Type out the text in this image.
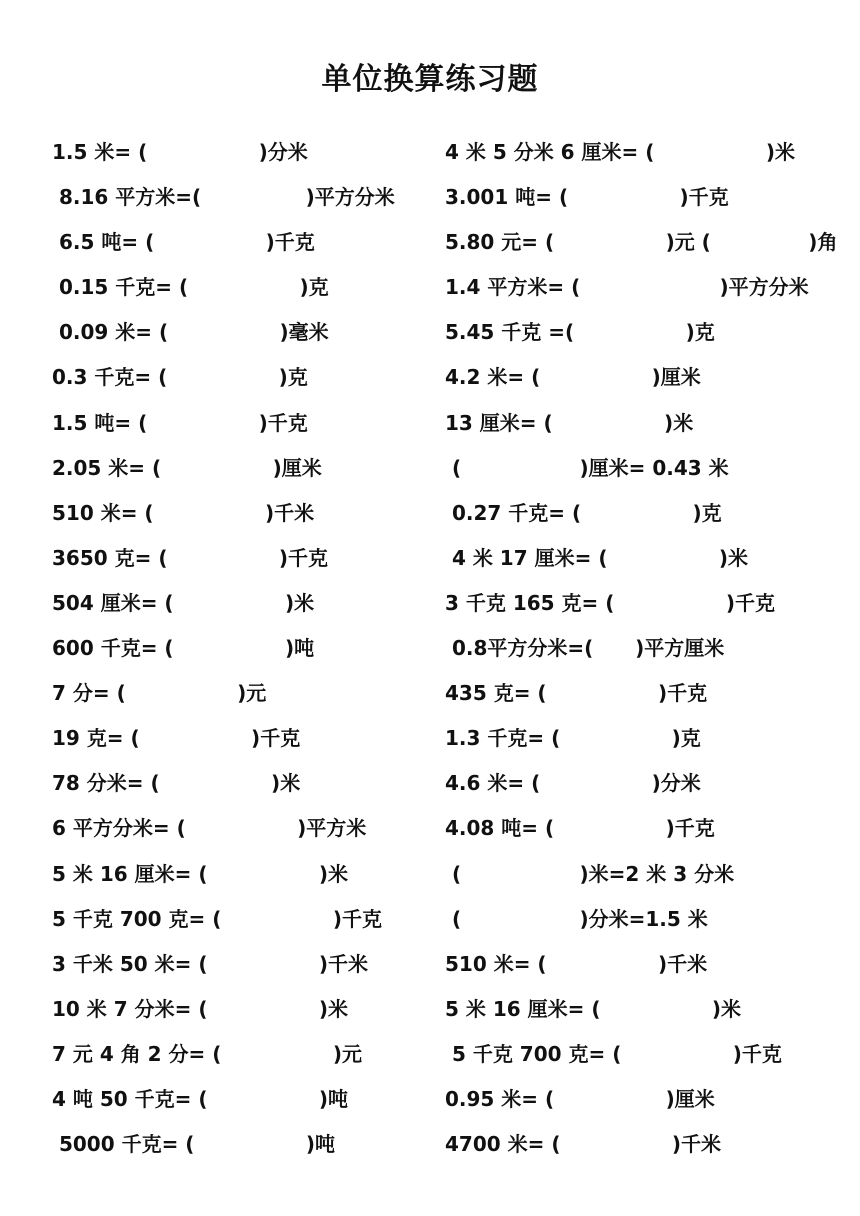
单位换算练习题
1.5 米= (                )分米	4 米 5 分米 6 厘米= (                )米
8.16 平方米=(               )平方分米	3.001 吨= (                )千克
6.5 吨= (                )千克	5.80 元= (                )元 (              )角
0.15 千克= (                )克	1.4 平方米= (                    )平方分米
0.09 米= (                )毫米	5.45 千克 =(                )克
0.3 千克= (                )克	4.2 米= (                )厘米
1.5 吨= (                )千克	13 厘米= (                )米
2.05 米= (                )厘米	(                 )厘米= 0.43 米
510 米= (                )千米	0.27 千克= (                )克
3650 克= (                )千克	4 米 17 厘米= (                )米
504 厘米= (                )米	3 千克 165 克= (                )千克
600 千克= (                )吨	0.8平方分米=(      )平方厘米
7 分= (                )元	435 克= (                )千克
19 克= (                )千克	1.3 千克= (                )克
78 分米= (                )米	4.6 米= (                )分米
6 平方分米= (                )平方米	4.08 吨= (                )千克
5 米 16 厘米= (                )米	(                 )米=2 米 3 分米
5 千克 700 克= (                )千克	(                 )分米=1.5 米
3 千米 50 米= (                )千米	510 米= (                )千米
10 米 7 分米= (                )米	5 米 16 厘米= (                )米
7 元 4 角 2 分= (                )元	5 千克 700 克= (                )千克
4 吨 50 千克= (                )吨	0.95 米= (                )厘米
5000 千克= (                )吨	4700 米= (                )千米
